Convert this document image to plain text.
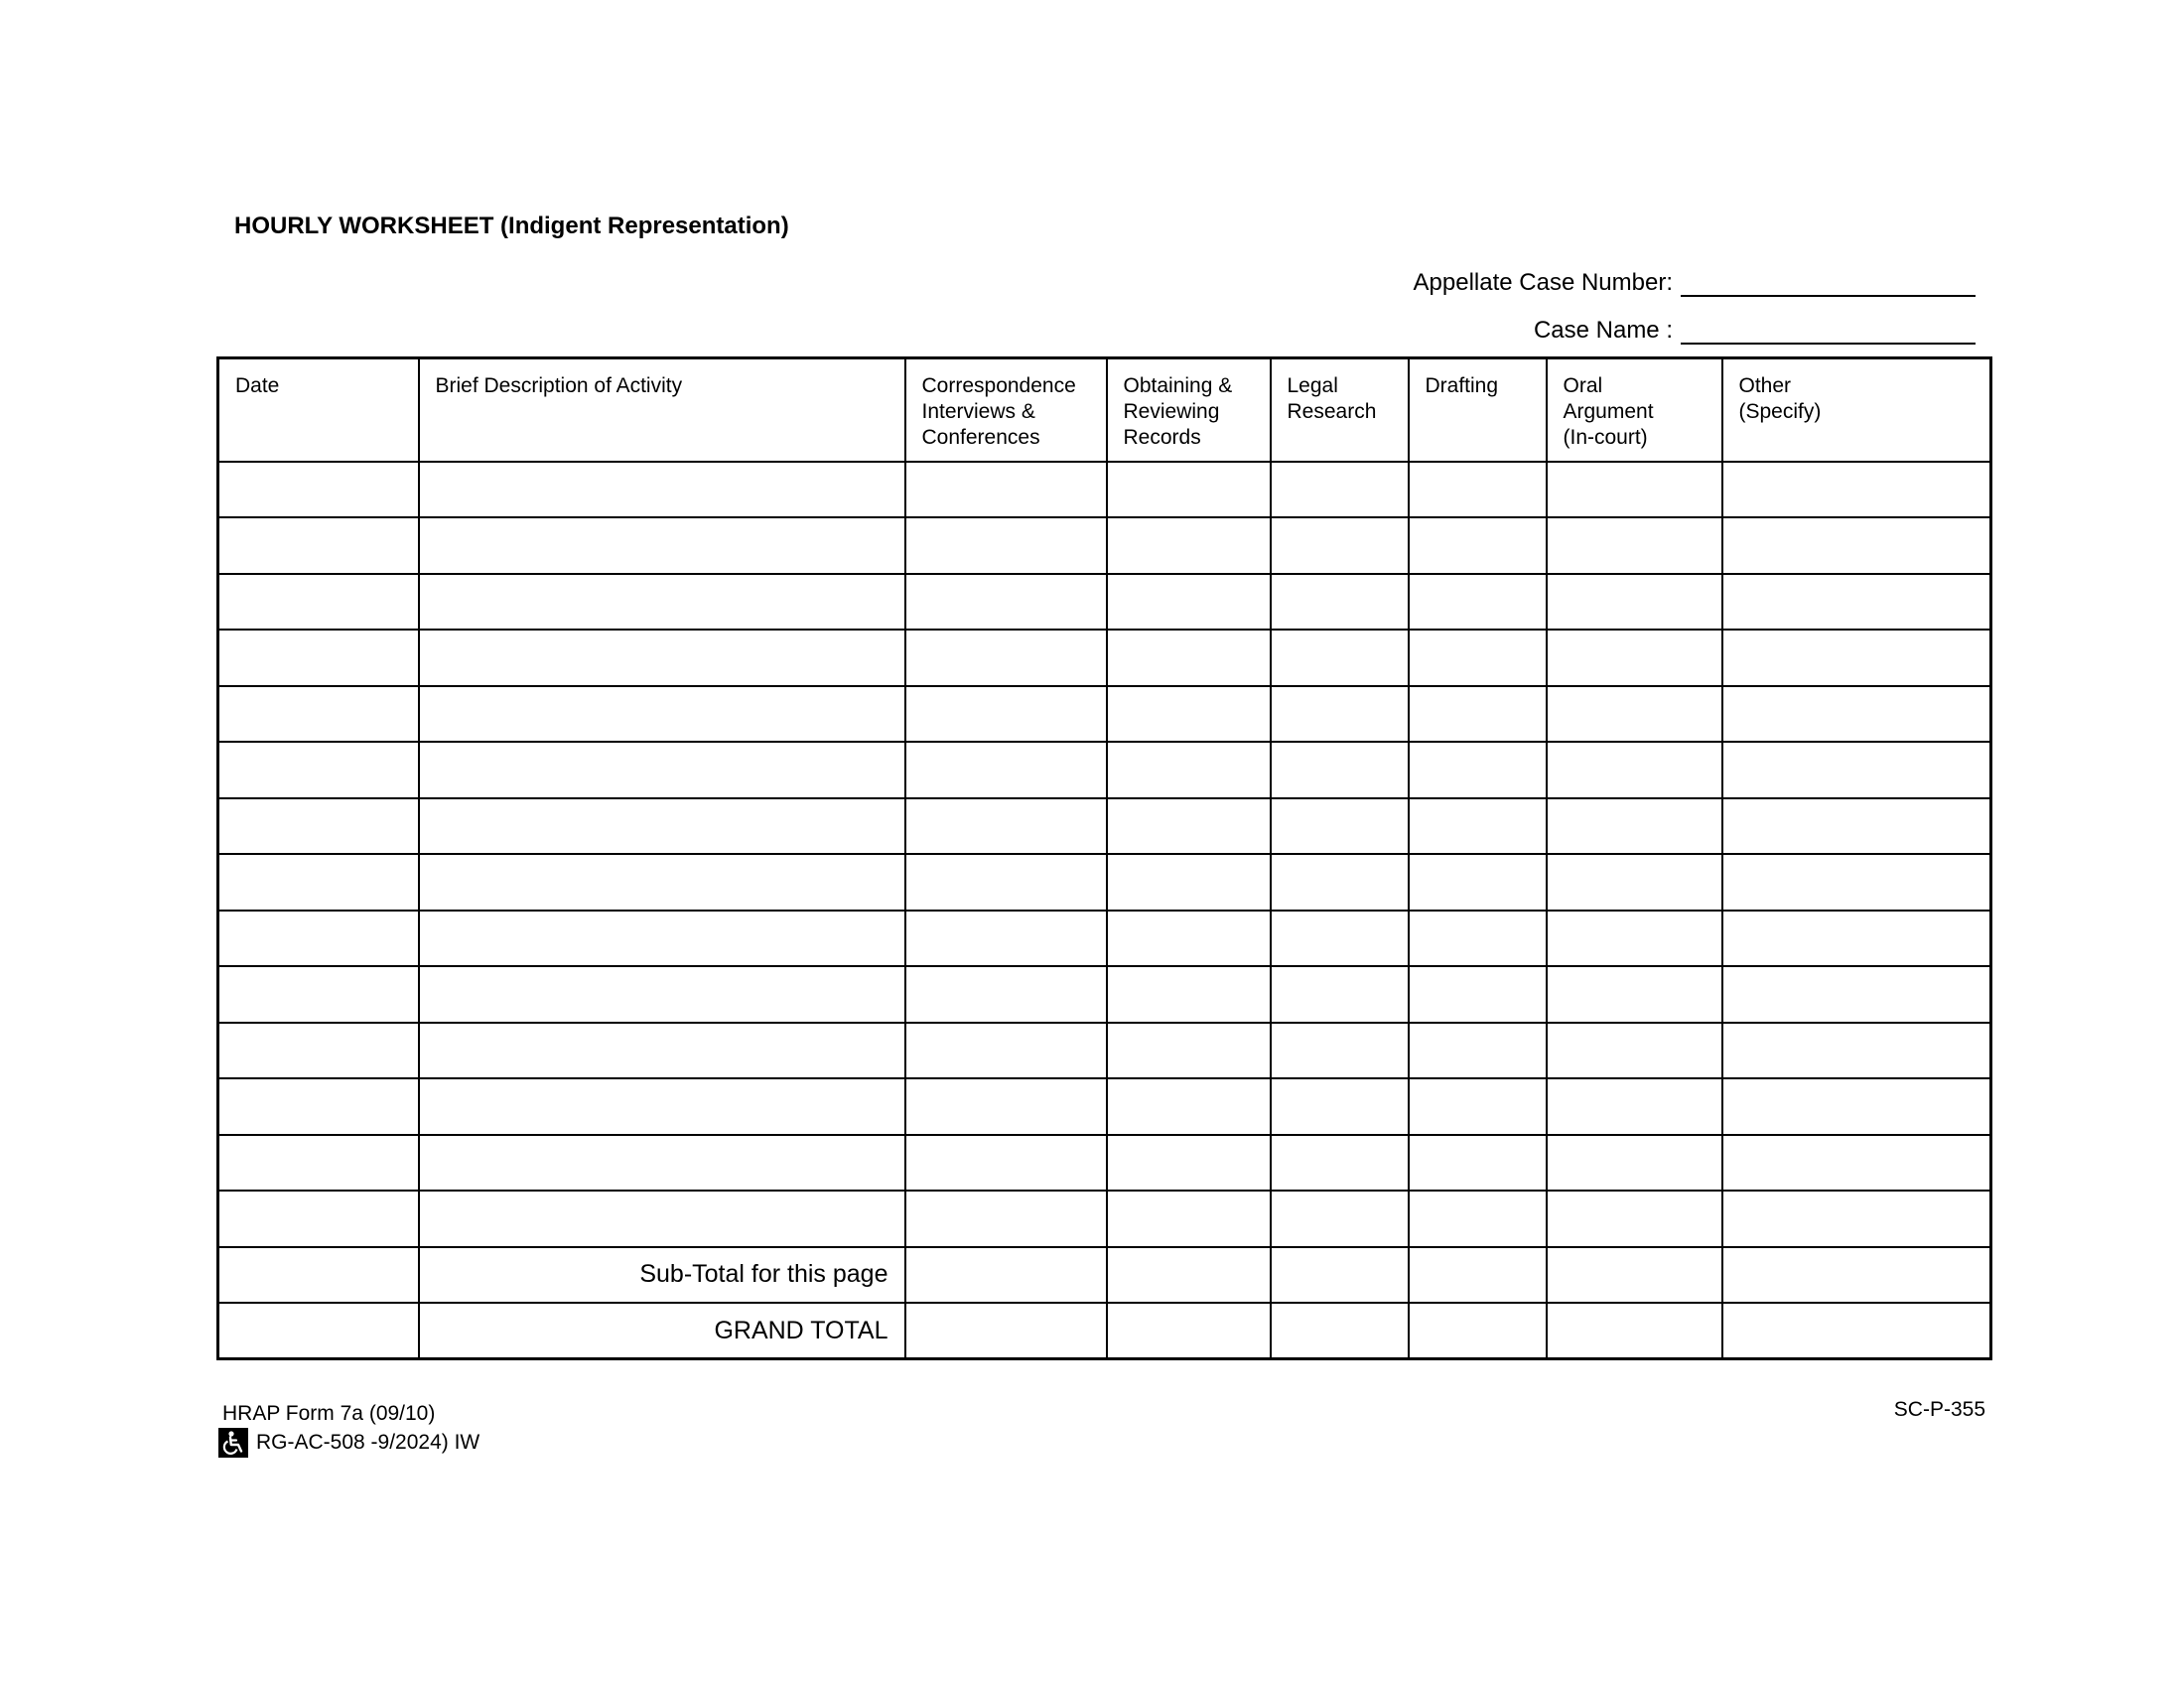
HOURLY WORKSHEET (Indigent Representation)
Appellate Case Number:
Case Name :
Date	Brief Description of Activity	Correspondence
Interviews &
Conferences	Obtaining &
Reviewing
Records	Legal
Research	Drafting	Oral
Argument
(In-court)	Other
(Specify)

	Sub-Total for this page						
	GRAND TOTAL						
HRAP Form 7a (09/10)
RG-AC-508 -9/2024) IW
SC-P-355
